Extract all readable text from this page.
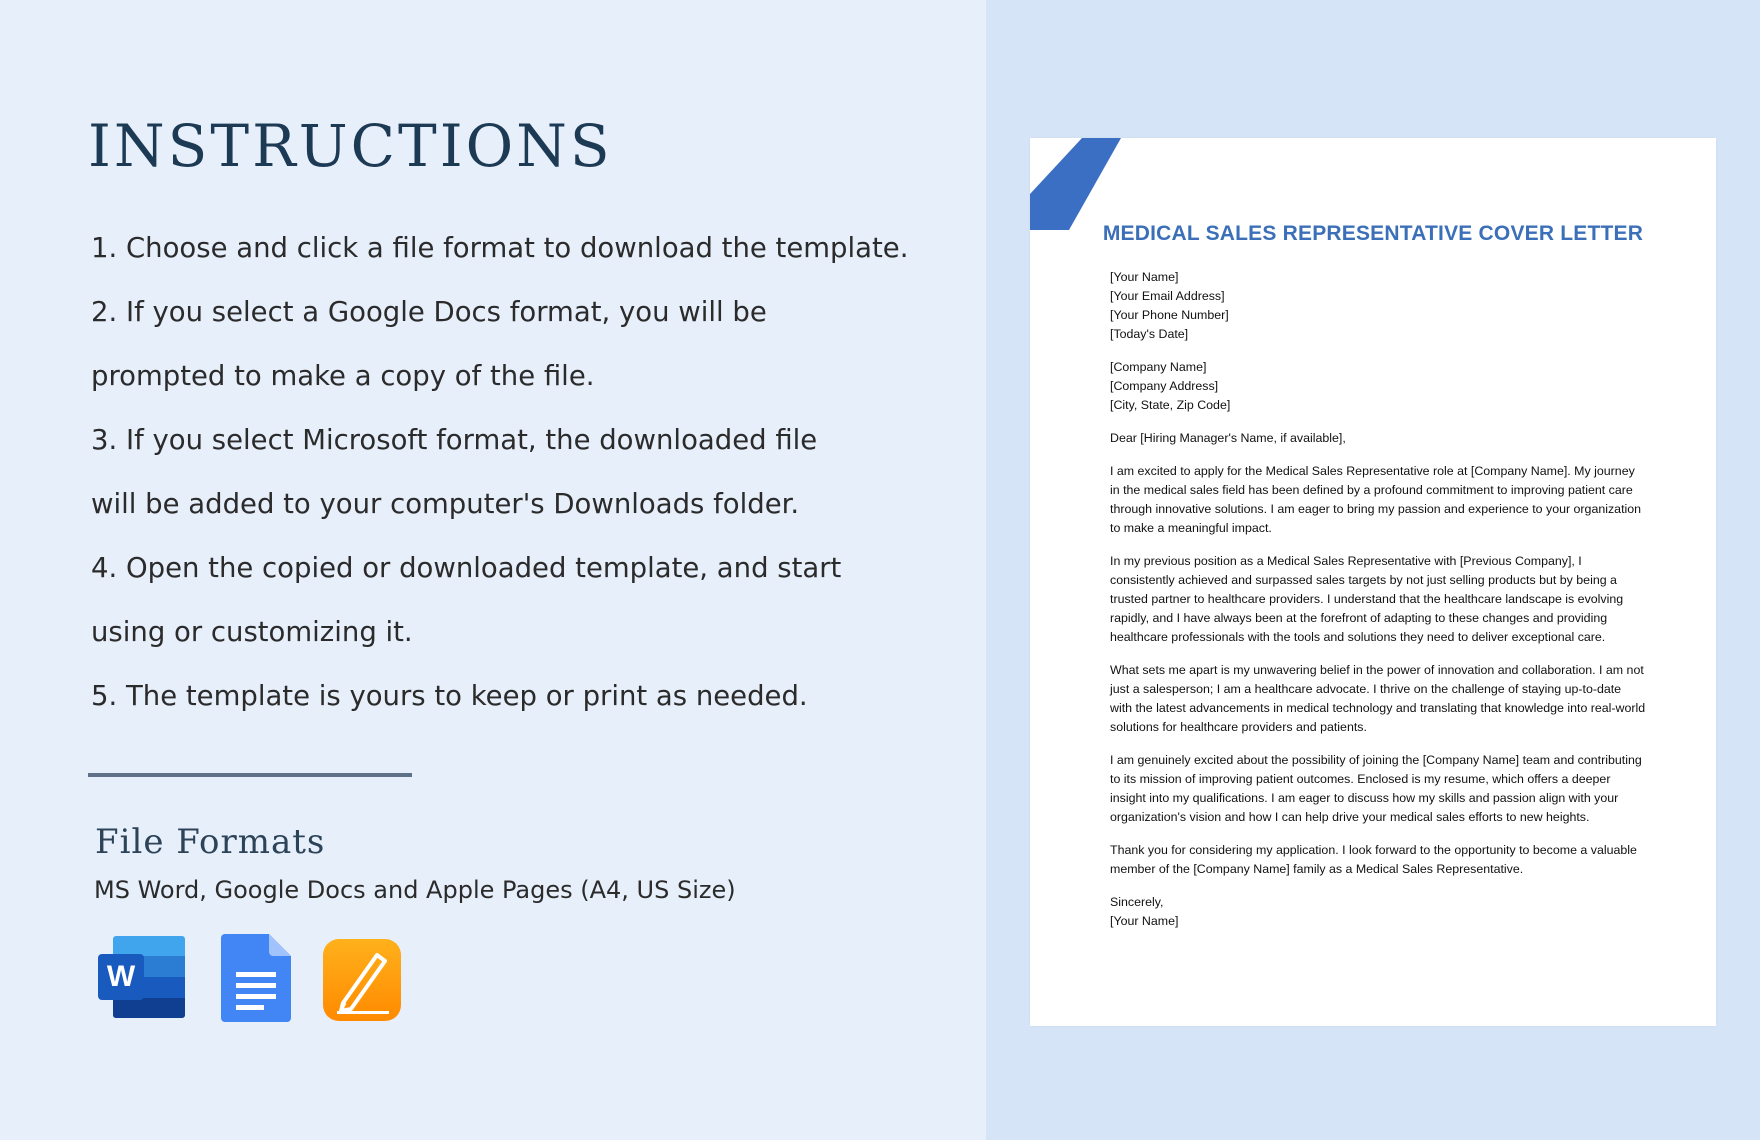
INSTRUCTIONS
1. Choose and click a file format to download the template.
2. If you select a Google Docs format, you will be
prompted to make a copy of the file.
3. If you select Microsoft format, the downloaded file
will be added to your computer's Downloads folder.
4. Open the copied or downloaded template, and start
using or customizing it.
5. The template is yours to keep or print as needed.
File Formats
MS Word, Google Docs and Apple Pages (A4, US Size)
W
MEDICAL SALES REPRESENTATIVE COVER LETTER

[Your Name]
[Your Email Address]
[Your Phone Number]
[Today's Date]

[Company Name]
[Company Address]
[City, State, Zip Code]

Dear [Hiring Manager's Name, if available],

I am excited to apply for the Medical Sales Representative role at [Company Name]. My journey in the medical sales field has been defined by a profound commitment to improving patient care through innovative solutions. I am eager to bring my passion and experience to your organization to make a meaningful impact.

In my previous position as a Medical Sales Representative with [Previous Company], I consistently achieved and surpassed sales targets by not just selling products but by being a trusted partner to healthcare providers. I understand that the healthcare landscape is evolving rapidly, and I have always been at the forefront of adapting to these changes and providing healthcare professionals with the tools and solutions they need to deliver exceptional care.

What sets me apart is my unwavering belief in the power of innovation and collaboration. I am not just a salesperson; I am a healthcare advocate. I thrive on the challenge of staying up-to-date with the latest advancements in medical technology and translating that knowledge into real-world solutions for healthcare providers and patients.

I am genuinely excited about the possibility of joining the [Company Name] team and contributing to its mission of improving patient outcomes. Enclosed is my resume, which offers a deeper insight into my qualifications. I am eager to discuss how my skills and passion align with your organization's vision and how I can help drive your medical sales efforts to new heights.

Thank you for considering my application. I look forward to the opportunity to become a valuable member of the [Company Name] family as a Medical Sales Representative.

Sincerely,
[Your Name]
